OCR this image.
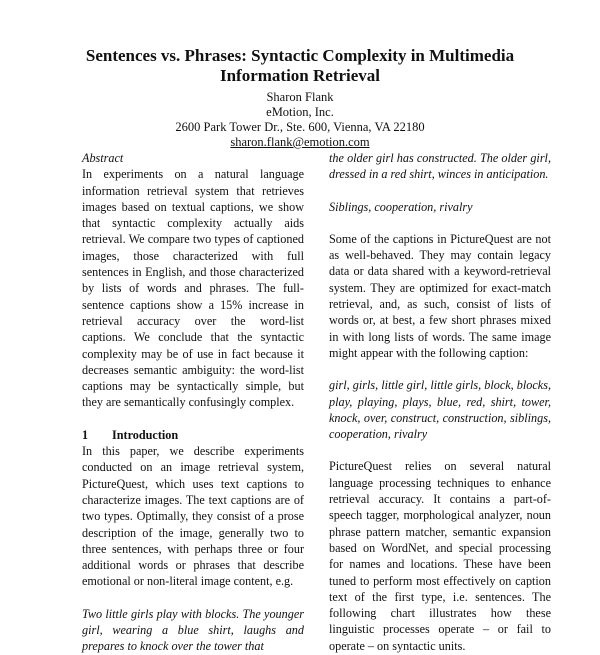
Sentences vs. Phrases: Syntactic Complexity in Multimedia Information Retrieval
Sharon Flank
eMotion, Inc.
2600 Park Tower Dr., Ste. 600, Vienna, VA 22180
sharon.flank@emotion.com

Abstract

In experiments on a natural language information retrieval system that retrieves images based on textual captions, we show that syntactic complexity actually aids retrieval. We compare two types of captioned images, those characterized with full sentences in English, and those characterized by lists of words and phrases. The full-sentence captions show a 15% increase in retrieval accuracy over the word-list captions. We conclude that the syntactic complexity may be of use in fact because it decreases semantic ambiguity: the word-list captions may be syntactically simple, but they are semantically confusingly complex.

1 Introduction

In this paper, we describe experiments conducted on an image retrieval system, PictureQuest, which uses text captions to characterize images. The text captions are of two types. Optimally, they consist of a prose description of the image, generally two to three sentences, with perhaps three or four additional words or phrases that describe emotional or non-literal image content, e.g.

Two little girls play with blocks. The younger girl, wearing a blue shirt, laughs and prepares to knock over the tower that

the older girl has constructed. The older girl, dressed in a red shirt, winces in anticipation.

Siblings, cooperation, rivalry

Some of the captions in PictureQuest are not as well-behaved. They may contain legacy data or data shared with a keyword-retrieval system. They are optimized for exact-match retrieval, and, as such, consist of lists of words or, at best, a few short phrases mixed in with long lists of words. The same image might appear with the following caption:

girl, girls, little girl, little girls, block, blocks, play, playing, plays, blue, red, shirt, tower, knock, over, construct, construction, siblings, cooperation, rivalry

PictureQuest relies on several natural language processing techniques to enhance retrieval accuracy. It contains a part-of-speech tagger, morphological analyzer, noun phrase pattern matcher, semantic expansion based on WordNet, and special processing for names and locations. These have been tuned to perform most effectively on caption text of the first type, i.e. sentences. The following chart illustrates how these linguistic processes operate – or fail to operate – on syntactic units.
